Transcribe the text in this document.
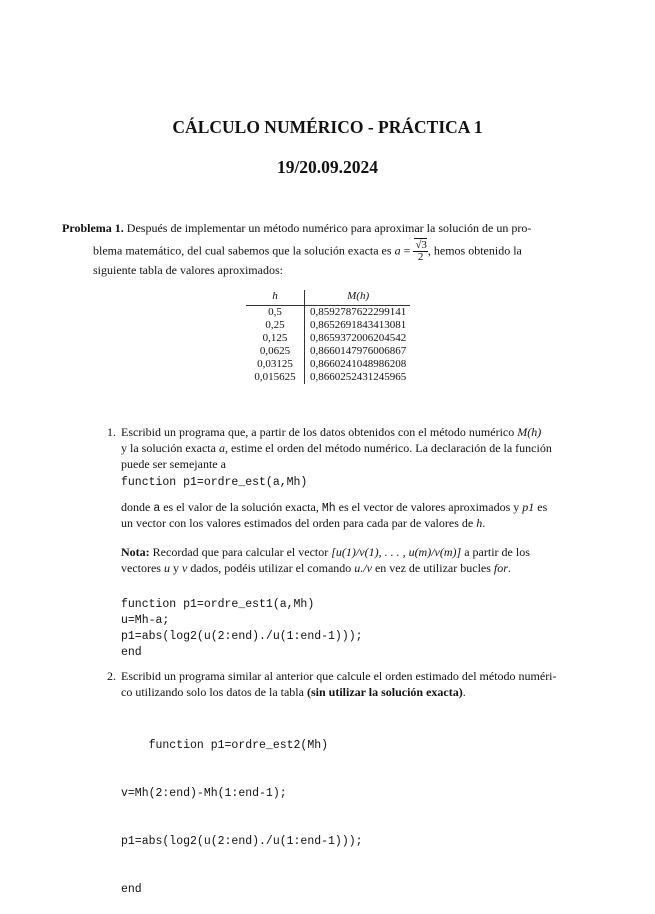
CÁLCULO NUMÉRICO - PRÁCTICA 1
19/20.09.2024
Problema 1. Después de implementar un método numérico para aproximar la solución de un pro-
blema matemático, del cual sabemos que la solución exacta es $a = \frac{√3}{2}$ , hemos obtenido la
siguiente tabla de valores aproximados:
h	M(h)
0,5	0,8592787622299141
0,25	0,8652691843413081
0,125	0,8659372006204542
0,0625	0,8660147976006867
0,03125	0,8660241048986208
0,015625	0,8660252431245965
1. Escribid un programa que, a partir de los datos obtenidos con el método numérico M(h)
y la solución exacta a, estime el orden del método numérico. La declaración de la función
puede ser semejante a
function p1=ordre_est(a,Mh)
donde a es el valor de la solución exacta, Mh es el vector de valores aproximados y p1 es
un vector con los valores estimados del orden para cada par de valores de h.
Nota: Recordad que para calcular el vector [u(1)/v(1), . . . , u(m)/v(m)] a partir de los
vectores u y v dados, podéis utilizar el comando u./v en vez de utilizar bucles for.
function p1=ordre_est1(a,Mh)
u=Mh-a;
p1=abs(log2(u(2:end)./u(1:end-1)));
end
2. Escribid un programa similar al anterior que calcule el orden estimado del método numéri-
co utilizando solo los datos de la tabla (sin utilizar la solución exacta).

function p1=ordre_est2(Mh)

v=Mh(2:end)-Mh(1:end-1);

p1=abs(log2(u(2:end)./u(1:end-1)));

end
